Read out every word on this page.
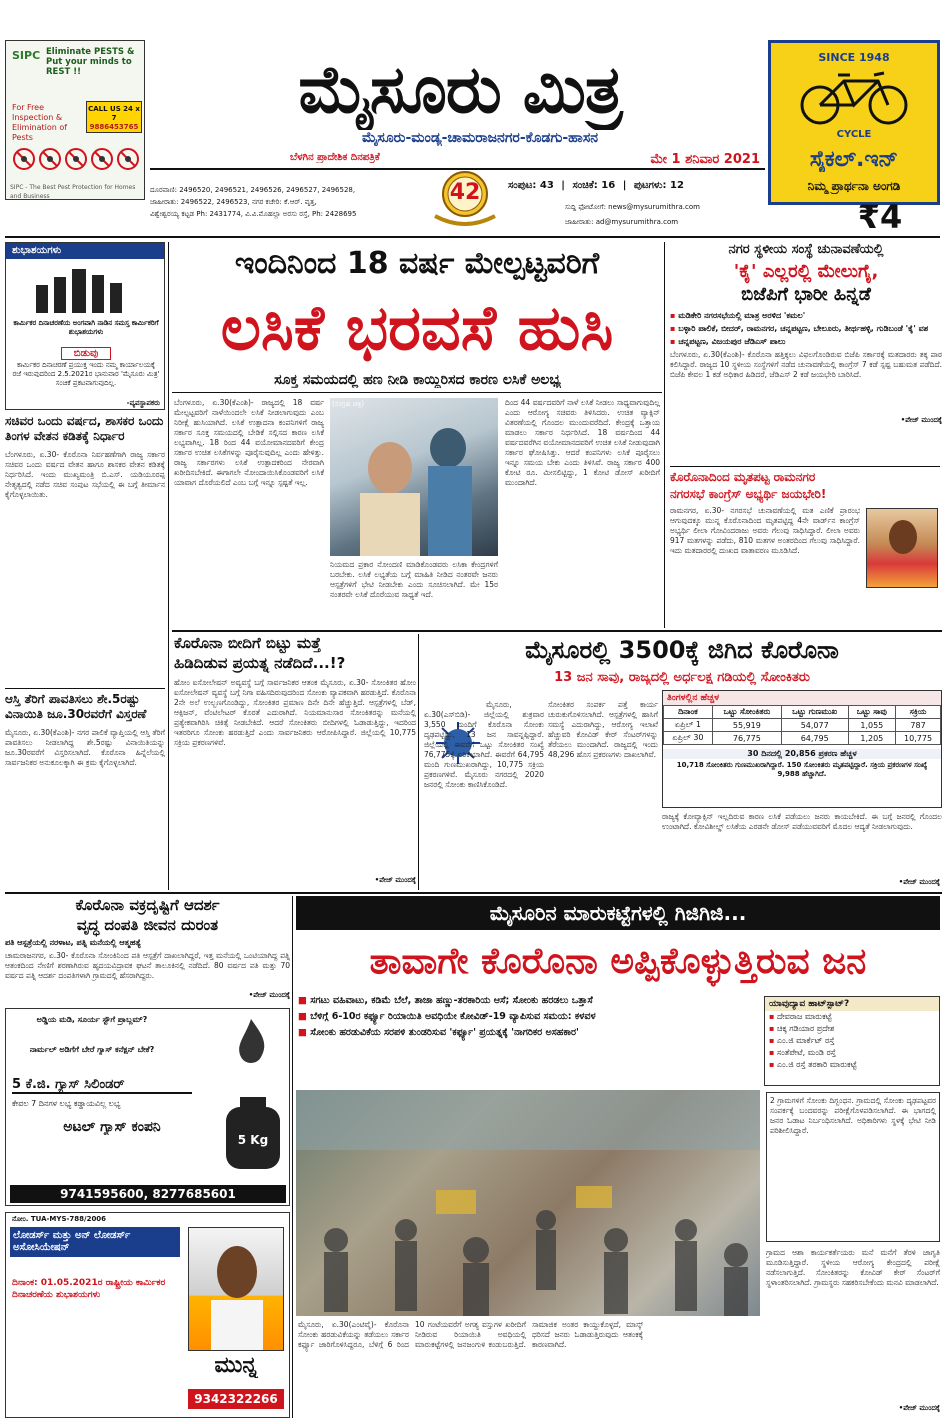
SIPC Eliminate PESTS & Put your minds to REST !!
For Free Inspection & Elimination of Pests
CALL US 24 x 7
9886453765
SIPC - The Best Pest Protection for Homes and Business
ಮೈಸೂರು ಮಿತ್ರ
ಮೈಸೂರು-ಮಂಡ್ಯ-ಚಾಮರಾಜನಗರ-ಕೊಡಗು-ಹಾಸನ
ಬೆಳಗಿನ ಪ್ರಾದೇಶಿಕ ದಿನಪತ್ರಿಕೆ	ಮೇ 1 ಶನಿವಾರ 2021
42
ದೂರವಾಣಿ: 2496520, 2496521, 2496526, 2496527, 2496528,
ಜಾಹೀರಾತು: 2496522, 2496523, ನಗರ ಕಚೇರಿ: ಕೆ.ಆರ್. ವೃತ್ತ,
ವಿಶ್ವೇಶ್ವರಯ್ಯ ಕಟ್ಟಡ Ph: 2431774, ವಿ.ವಿ.ಮೊಹಲ್ಲಾ ಅರಸು ರಸ್ತೆ, Ph: 2428695
ಸಂಪುಟ: 43 | ಸಂಚಿಕೆ: 16 | ಪುಟಗಳು: 12
ಸುದ್ದಿ ಫೋಟೋಗೆ: news@mysurumithra.com
ಜಾಹೀರಾತು: ad@mysurumithra.com
SINCE 1948
CYCLE
ಸೈಕಲ್.ಇನ್
ನಿಮ್ಮ ಪ್ರಾರ್ಥನಾ ಅಂಗಡಿ
₹4
ಶುಭಾಶಯಗಳು
ಕಾರ್ಮಿಕರ ದಿನಾಚರಣೆಯ ಅಂಗವಾಗಿ ನಾಡಿನ ಸಮಸ್ತ ಕಾರ್ಮಿಕರಿಗೆ ಶುಭಾಶಯಗಳು
ಬಿಡುವು
ಕಾರ್ಮಿಕರ ದಿನಾಚರಣೆ ಪ್ರಯುಕ್ತ ಇಂದು ನಮ್ಮ ಕಾರ್ಯಾಲಯಕ್ಕೆ ರಜೆ ಇರುವುದರಿಂದ 2.5.2021ರ ಭಾನುವಾರ 'ಮೈಸೂರು ಮಿತ್ರ' ಸಂಚಿಕೆ ಪ್ರಕಟವಾಗುವುದಿಲ್ಲ.
-ವ್ಯವಸ್ಥಾಪಕರು
ಸಚಿವರ ಒಂದು ವರ್ಷದ, ಶಾಸಕರ ಒಂದು ತಿಂಗಳ ವೇತನ ಕಡಿತಕ್ಕೆ ನಿರ್ಧಾರ
ಬೆಂಗಳೂರು, ಏ.30- ಕೊರೊನಾ ನಿರ್ವಹಣೆಗಾಗಿ ರಾಜ್ಯ ಸರ್ಕಾರ ಸಚಿವರ ಒಂದು ವರ್ಷದ ವೇತನ ಹಾಗೂ ಶಾಸಕರ ವೇತನ ಕಡಿತಕ್ಕೆ ನಿರ್ಧರಿಸಿದೆ. ಇಂದು ಮುಖ್ಯಮಂತ್ರಿ ಬಿ.ಎಸ್. ಯಡಿಯೂರಪ್ಪ ನೇತೃತ್ವದಲ್ಲಿ ನಡೆದ ಸಚಿವ ಸಂಪುಟ ಸಭೆಯಲ್ಲಿ ಈ ಬಗ್ಗೆ ತೀರ್ಮಾನ ಕೈಗೊಳ್ಳಲಾಯಿತು.
ಆಸ್ತಿ ತೆರಿಗೆ ಪಾವತಿಸಲು ಶೇ.5ರಷ್ಟು ವಿನಾಯಿತಿ ಜೂ.30ರವರೆಗೆ ವಿಸ್ತರಣೆ
ಮೈಸೂರು, ಏ.30(ಕೆಎಂಶಿ)- ನಗರ ಪಾಲಿಕೆ ವ್ಯಾಪ್ತಿಯಲ್ಲಿ ಆಸ್ತಿ ತೆರಿಗೆ ಪಾವತಿಸಲು ನೀಡಲಾಗಿದ್ದ ಶೇ.5ರಷ್ಟು ವಿನಾಯಿತಿಯನ್ನು ಜೂ.30ರವರೆಗೆ ವಿಸ್ತರಿಸಲಾಗಿದೆ. ಕೊರೊನಾ ಹಿನ್ನೆಲೆಯಲ್ಲಿ ಸಾರ್ವಜನಿಕರ ಅನುಕೂಲಕ್ಕಾಗಿ ಈ ಕ್ರಮ ಕೈಗೊಳ್ಳಲಾಗಿದೆ.
ಇಂದಿನಿಂದ 18 ವರ್ಷ ಮೇಲ್ಪಟ್ಟವರಿಗೆ
ಲಸಿಕೆ ಭರವಸೆ ಹುಸಿ
ಸೂಕ್ತ ಸಮಯದಲ್ಲಿ ಹಣ ನೀಡಿ ಕಾಯ್ದಿರಿಸದ ಕಾರಣ ಲಸಿಕೆ ಅಲಭ್ಯ
ಬೆಂಗಳೂರು, ಏ.30(ಕೆಎಂಶಿ)- ರಾಜ್ಯದಲ್ಲಿ 18 ವರ್ಷ ಮೇಲ್ಪಟ್ಟವರಿಗೆ ನಾಳೆಯಿಂದಲೇ ಲಸಿಕೆ ನೀಡಲಾಗುವುದು ಎಂಬ ನಿರೀಕ್ಷೆ ಹುಸಿಯಾಗಿದೆ. ಲಸಿಕೆ ಉತ್ಪಾದನಾ ಕಂಪನಿಗಳಿಗೆ ರಾಜ್ಯ ಸರ್ಕಾರ ಸೂಕ್ತ ಸಮಯದಲ್ಲಿ ಬೇಡಿಕೆ ಸಲ್ಲಿಸದ ಕಾರಣ ಲಸಿಕೆ ಲಭ್ಯವಾಗಿಲ್ಲ. 18 ರಿಂದ 44 ವಯೋಮಾನದವರಿಗೆ ಕೇಂದ್ರ ಸರ್ಕಾರ ಉಚಿತ ಲಸಿಕೆಗಳನ್ನು ಪೂರೈಸುವುದಿಲ್ಲ ಎಂದು ಹೇಳಿತ್ತು. ರಾಜ್ಯ ಸರ್ಕಾರಗಳು ಲಸಿಕೆ ಉತ್ಪಾದಕರಿಂದ ನೇರವಾಗಿ ಖರೀದಿಸಬೇಕಿದೆ. ಈಗಾಗಲೇ ನೋಂದಾಯಿಸಿಕೊಂಡವರಿಗೆ ಲಸಿಕೆ ಯಾವಾಗ ದೊರೆಯಲಿದೆ ಎಂಬ ಬಗ್ಗೆ ಇನ್ನೂ ಸ್ಪಷ್ಟತೆ ಇಲ್ಲ.
(ಸಂಗ್ರಹ ಚಿತ್ರ)	ದಿಂದ 44 ವರ್ಷದವರಿಗೆ ನಾಳೆ ಲಸಿಕೆ ನೀಡಲು ಸಾಧ್ಯವಾಗುವುದಿಲ್ಲ ಎಂದು ಆರೋಗ್ಯ ಸಚಿವರು ತಿಳಿಸಿದರು. ಉಚಿತ ವ್ಯಾಕ್ಸಿನ್ ವಿತರಣೆಯಲ್ಲಿ ಗೊಂದಲ ಮುಂದುವರೆದಿದೆ. ಕೇಂದ್ರಕ್ಕೆ ಒತ್ತಾಯ ಮಾಡಲು ಸರ್ಕಾರ ನಿರ್ಧರಿಸಿದೆ. 18 ವರ್ಷದಿಂದ 44 ವರ್ಷದವರೆಗಿನ ವಯೋಮಾನದವರಿಗೆ ಉಚಿತ ಲಸಿಕೆ ನೀಡುವುದಾಗಿ ಸರ್ಕಾರ ಘೋಷಿಸಿತ್ತು. ಆದರೆ ಕಂಪನಿಗಳು ಲಸಿಕೆ ಪೂರೈಸಲು ಇನ್ನೂ ಸಮಯ ಬೇಕು ಎಂದು ತಿಳಿಸಿವೆ. ರಾಜ್ಯ ಸರ್ಕಾರ 400 ಕೋಟಿ ರೂ. ಮೀಸಲಿಟ್ಟಿದ್ದು, 1 ಕೋಟಿ ಡೋಸ್ ಖರೀದಿಗೆ ಮುಂದಾಗಿದೆ.
ನಿಯಮದ ಪ್ರಕಾರ ನೋಂದಣಿ ಮಾಡಿಕೊಂಡವರು ಲಸಿಕಾ ಕೇಂದ್ರಗಳಿಗೆ ಬರಬೇಕು. ಲಸಿಕೆ ಲಭ್ಯತೆಯ ಬಗ್ಗೆ ಮಾಹಿತಿ ನೀಡಿದ ನಂತರವೇ ಜನರು ಆಸ್ಪತ್ರೆಗಳಿಗೆ ಭೇಟಿ ನೀಡಬೇಕು ಎಂದು ಸೂಚಿಸಲಾಗಿದೆ. ಮೇ 15ರ ನಂತರವೇ ಲಸಿಕೆ ದೊರೆಯುವ ಸಾಧ್ಯತೆ ಇದೆ.
ನಗರ ಸ್ಥಳೀಯ ಸಂಸ್ಥೆ ಚುನಾವಣೆಯಲ್ಲಿ
'ಕೈ' ಎಲ್ಲರಲ್ಲಿ ಮೇಲುಗೈ,
ಬಿಜೆಪಿಗೆ ಭಾರೀ ಹಿನ್ನಡೆ
▪ ಮಡಿಕೇರಿ ನಗರಸಭೆಯಲ್ಲಿ ಮಾತ್ರ ಅರಳಿದ 'ಕಮಲ'
▪ ಬಳ್ಳಾರಿ ಪಾಲಿಕೆ, ಬೀದರ್, ರಾಮನಗರ, ಚನ್ನಪಟ್ಟಣ, ಬೇಲೂರು, ತೀರ್ಥಹಳ್ಳಿ, ಗುಡಿಬಂಡೆ 'ಕೈ' ವಶ
▪ ಚನ್ನಪಟ್ಟಣ, ವಿಜಯಪುರ ಜೆಡಿಎಸ್ ಪಾಲು
ಬೆಂಗಳೂರು, ಏ.30(ಕೆಎಂಶಿ)- ಕೊರೊನಾ ಹತ್ತಿಕ್ಕಲು ವಿಫಲಗೊಂಡಿರುವ ಬಿಜೆಪಿ ಸರ್ಕಾರಕ್ಕೆ ಮತದಾರರು ತಕ್ಕ ಪಾಠ ಕಲಿಸಿದ್ದಾರೆ. ರಾಜ್ಯದ 10 ಸ್ಥಳೀಯ ಸಂಸ್ಥೆಗಳಿಗೆ ನಡೆದ ಚುನಾವಣೆಯಲ್ಲಿ ಕಾಂಗ್ರೆಸ್ 7 ಕಡೆ ಸ್ಪಷ್ಟ ಬಹುಮತ ಪಡೆದಿದೆ. ಬಿಜೆಪಿ ಕೇವಲ 1 ಕಡೆ ಅಧಿಕಾರ ಹಿಡಿದರೆ, ಜೆಡಿಎಸ್ 2 ಕಡೆ ಜಯಭೇರಿ ಬಾರಿಸಿದೆ.
•ಪೇಜ್ ಮುಂದಕ್ಕೆ
ಕೊರೊನಾದಿಂದ ಮೃತಪಟ್ಟ ರಾಮನಗರ
ನಗರಸಭೆ ಕಾಂಗ್ರೆಸ್ ಅಭ್ಯರ್ಥಿ ಜಯಭೇರಿ!
ರಾಮನಗರ, ಏ.30- ನಗರಸಭೆ ಚುನಾವಣೆಯಲ್ಲಿ ಮತ ಎಣಿಕೆ ಪ್ರಾರಂಭ ಆಗುವುದಕ್ಕೂ ಮುನ್ನ ಕೊರೊನಾದಿಂದ ಮೃತಪಟ್ಟಿದ್ದ 4ನೇ ವಾರ್ಡ್‌ನ ಕಾಂಗ್ರೆಸ್ ಅಭ್ಯರ್ಥಿ ಲೀಲಾ ಗೋವಿಂದರಾಜು ಅವರು ಗೆಲುವು ಸಾಧಿಸಿದ್ದಾರೆ. ಲೀಲಾ ಅವರು 917 ಮತಗಳನ್ನು ಪಡೆದು, 810 ಮತಗಳ ಅಂತರದಿಂದ ಗೆಲುವು ಸಾಧಿಸಿದ್ದಾರೆ. ಇದು ಮತದಾರರಲ್ಲಿ ದುಃಖದ ವಾತಾವರಣ ಮೂಡಿಸಿದೆ.
ಕೊರೊನಾ ಬೀದಿಗೆ ಬಿಟ್ಟು ಮತ್ತೆ
ಹಿಡಿದಿಡುವ ಪ್ರಯತ್ನ ನಡೆದಿದೆ...!?
ಹೋಂ ಐಸೋಲೇಷನ್ ಅವ್ಯವಸ್ಥೆ ಬಗ್ಗೆ ಸಾರ್ವಜನಿಕರ ಆತಂಕ ಮೈಸೂರು, ಏ.30- ಸೋಂಕಿತರ ಹೋಂ ಐಸೋಲೇಷನ್ ವ್ಯವಸ್ಥೆ ಬಗ್ಗೆ ನಿಗಾ ವಹಿಸದಿರುವುದರಿಂದ ಸೋಂಕು ವ್ಯಾಪಕವಾಗಿ ಹರಡುತ್ತಿದೆ. ಕೊರೊನಾ 2ನೇ ಅಲೆ ಉಲ್ಬಣಗೊಂಡಿದ್ದು, ಸೋಂಕಿತರ ಪ್ರಮಾಣ ದಿನೇ ದಿನೇ ಹೆಚ್ಚುತ್ತಿದೆ. ಆಸ್ಪತ್ರೆಗಳಲ್ಲಿ ಬೆಡ್, ಆಕ್ಸಿಜನ್, ವೆಂಟಿಲೇಟರ್ ಕೊರತೆ ಎದುರಾಗಿದೆ. ನಿಯಮಾನುಸಾರ ಸೋಂಕಿತರನ್ನು ಮನೆಯಲ್ಲಿ ಪ್ರತ್ಯೇಕವಾಗಿರಿಸಿ ಚಿಕಿತ್ಸೆ ನೀಡಬೇಕಿದೆ. ಆದರೆ ಸೋಂಕಿತರು ಬೀದಿಗಳಲ್ಲಿ ಓಡಾಡುತ್ತಿದ್ದು, ಇದರಿಂದ ಇತರರಿಗೂ ಸೋಂಕು ಹರಡುತ್ತಿದೆ ಎಂದು ಸಾರ್ವಜನಿಕರು ಆರೋಪಿಸಿದ್ದಾರೆ. ಜಿಲ್ಲೆಯಲ್ಲಿ 10,775 ಸಕ್ರಿಯ ಪ್ರಕರಣಗಳಿವೆ.
•ಪೇಜ್ ಮುಂದಕ್ಕೆ
ಮೈಸೂರಲ್ಲಿ 3500ಕ್ಕೆ ಜಿಗಿದ ಕೊರೊನಾ
13 ಜನ ಸಾವು, ರಾಜ್ಯದಲ್ಲಿ ಅರ್ಧಲಕ್ಷ ಗಡಿಯಲ್ಲಿ ಸೋಂಕಿತರು
ಮೈಸೂರು, ಏ.30(ಎಸ್‌ಬಿಡಿ)- ಜಿಲ್ಲೆಯಲ್ಲಿ ಶುಕ್ರವಾರ 3,550 ಮಂದಿಗೆ ಕೊರೊನಾ ಸೋಂಕು ದೃಢಪಟ್ಟಿದ್ದು, 13 ಜನ ಸಾವನ್ನಪ್ಪಿದ್ದಾರೆ. ಜಿಲ್ಲೆಯಲ್ಲಿ ಈವರೆಗೆ ಒಟ್ಟು ಸೋಂಕಿತರ ಸಂಖ್ಯೆ 76,775ಕ್ಕೆ ಏರಿಕೆಯಾಗಿದೆ. ಈವರೆಗೆ 64,795 ಮಂದಿ ಗುಣಮುಖರಾಗಿದ್ದು, 10,775 ಸಕ್ರಿಯ ಪ್ರಕರಣಗಳಿವೆ. ಮೈಸೂರು ನಗರದಲ್ಲಿ 2020 ಜನರಲ್ಲಿ ಸೋಂಕು ಕಾಣಿಸಿಕೊಂಡಿದೆ.
ಸೋಂಕಿತರ ಸಂಪರ್ಕ ಪತ್ತೆ ಕಾರ್ಯ ಚುರುಕುಗೊಳಿಸಲಾಗಿದೆ. ಆಸ್ಪತ್ರೆಗಳಲ್ಲಿ ಹಾಸಿಗೆ ಸಮಸ್ಯೆ ಎದುರಾಗಿದ್ದು, ಆರೋಗ್ಯ ಇಲಾಖೆ ಹೆಚ್ಚುವರಿ ಕೋವಿಡ್ ಕೇರ್ ಸೆಂಟರ್‌ಗಳನ್ನು ತೆರೆಯಲು ಮುಂದಾಗಿದೆ. ರಾಜ್ಯದಲ್ಲಿ ಇಂದು 48,296 ಹೊಸ ಪ್ರಕರಣಗಳು ದಾಖಲಾಗಿವೆ.
ತಿಂಗಳಲ್ಲಿನ ಹೆಚ್ಚಳ
ದಿನಾಂಕ	ಒಟ್ಟು ಸೋಂಕಿತರು	ಒಟ್ಟು ಗುಣಮುಖ	ಒಟ್ಟು ಸಾವು	ಸಕ್ರಿಯ
ಏಪ್ರಿಲ್ 1	55,919	54,077	1,055	787
ಏಪ್ರಿಲ್ 30	76,775	64,795	1,205	10,775
30 ದಿನದಲ್ಲಿ 20,856 ಪ್ರಕರಣ ಹೆಚ್ಚಳ
10,718 ಸೋಂಕಿತರು ಗುಣಮುಖರಾಗಿದ್ದಾರೆ. 150 ಸೋಂಕಿತರು ಮೃತಪಟ್ಟಿದ್ದಾರೆ. ಸಕ್ರಿಯ ಪ್ರಕರಣಗಳ ಸಂಖ್ಯೆ 9,988 ಹೆಚ್ಚಾಗಿದೆ.
ರಾಜ್ಯಕ್ಕೆ ಕೋವ್ಯಾಕ್ಸಿನ್ ಇಲ್ಲದಿರುವ ಕಾರಣ ಲಸಿಕೆ ಪಡೆಯಲು ಜನರು ಕಾಯಬೇಕಿದೆ. ಈ ಬಗ್ಗೆ ಜನರಲ್ಲಿ ಗೊಂದಲ ಉಂಟಾಗಿದೆ. ಕೋವಿಶೀಲ್ಡ್ ಲಸಿಕೆಯ ಎರಡನೇ ಡೋಸ್ ಪಡೆಯುವವರಿಗೆ ಮೊದಲ ಆದ್ಯತೆ ನೀಡಲಾಗುವುದು.
•ಪೇಜ್ ಮುಂದಕ್ಕೆ
ಕೊರೊನಾ ವಕ್ರದೃಷ್ಟಿಗೆ ಆದರ್ಶ
ವೃದ್ಧ ದಂಪತಿ ಜೀವನ ದುರಂತ
ಪತಿ ಆಸ್ಪತ್ರೆಯಲ್ಲಿ ನರಳಾಟ, ಪತ್ನಿ ಮನೆಯಲ್ಲಿ ಆತ್ಮಹತ್ಯೆ
ಚಾಮರಾಜನಗರ, ಏ.30- ಕೊರೊನಾ ಸೋಂಕಿನಿಂದ ಪತಿ ಆಸ್ಪತ್ರೆಗೆ ದಾಖಲಾಗಿದ್ದರೆ, ಇತ್ತ ಮನೆಯಲ್ಲಿ ಒಂಟಿಯಾಗಿದ್ದ ಪತ್ನಿ ಆತಂಕದಿಂದ ನೇಣಿಗೆ ಶರಣಾಗಿರುವ ಹೃದಯವಿದ್ರಾವಕ ಘಟನೆ ತಾಲೂಕಿನಲ್ಲಿ ನಡೆದಿದೆ. 80 ವರ್ಷದ ಪತಿ ಮತ್ತು 70 ವರ್ಷದ ಪತ್ನಿ ಆದರ್ಶ ದಂಪತಿಗಳಾಗಿ ಗ್ರಾಮದಲ್ಲಿ ಹೆಸರಾಗಿದ್ದರು.
•ಪೇಜ್ ಮುಂದಕ್ಕೆ
ಅಡ್ಡಿಯ ಮಡಿ, ಸೂರ್ಯ ಸ್ಟೌಗೆ ಪ್ರಾಬ್ಲಮ್?
ನಾರ್ಮಲ್ ಅಡಿಗೆಗೆ ಬೇರೆ ಗ್ಯಾಸ್ ಕನೆಕ್ಷನ್ ಬೇಕೆ?
5 ಕೆ.ಜಿ. ಗ್ಯಾಸ್ ಸಿಲಿಂಡರ್
ಕೇವಲ 7 ದಿನಗಳ ಲಭ್ಯ ಕಡ್ಡಾಯವಿಲ್ಲ ಲಭ್ಯ
ಅಟಲ್ ಗ್ಯಾಸ್ ಕಂಪನಿ
5 Kg
9741595600, 8277685601
ನೋಂ. TUA-MYS-788/2006
ಲೋಡರ್ಸ್ ಮತ್ತು ಅನ್ ಲೋಡರ್ಸ್ ಅಸೋಸಿಯೇಷನ್
ದಿನಾಂಕ: 01.05.2021ರ ರಾಷ್ಟ್ರೀಯ ಕಾರ್ಮಿಕರ ದಿನಾಚರಣೆಯ ಶುಭಾಶಯಗಳು
ಮುನ್ನ
9342322266
ಮೈಸೂರಿನ ಮಾರುಕಟ್ಟೆಗಳಲ್ಲಿ ಗಿಜಿಗಿಜಿ...
ತಾವಾಗೇ ಕೊರೊನಾ ಅಪ್ಪಿಕೊಳ್ಳುತ್ತಿರುವ ಜನ
■ ಸಗಟು ವಹಿವಾಟು, ಕಡಿಮೆ ಬೆಲೆ, ತಾಜಾ ಹಣ್ಣು-ತರಕಾರಿಯ ಆಸೆ; ಸೋಂಕು ಹರಡಲು ಒತ್ತಾಸೆ
■ ಬೆಳಿಗ್ಗೆ 6-10ರ ಕರ್ಫ್ಯೂ ರಿಯಾಯಿತಿ ಅವಧಿಯೇ ಕೋವಿಡ್-19 ವ್ಯಾಪಿಸುವ ಸಮಯ: ಕಳವಳ
■ ಸೋಂಕು ಹರಡುವಿಕೆಯ ಸರಪಳಿ ತುಂಡರಿಸುವ 'ಕರ್ಫ್ಯೂ' ಪ್ರಯತ್ನಕ್ಕೆ 'ನಾಗರಿಕರ ಅಸಹಕಾರ'
ಯಾವುದ್ಯಾವ ಹಾಟ್‌ಸ್ಪಾಟ್?
▪ ದೇವರಾಜ ಮಾರುಕಟ್ಟೆ
▪ ಚಿಕ್ಕ ಗಡಿಯಾರ ಪ್ರದೇಶ
▪ ಎಂ.ಜಿ ಮಾರ್ಕೆಟ್ ರಸ್ತೆ
▪ ಸಂತೆಪೇಟೆ, ಮಂಡಿ ರಸ್ತೆ
▪ ಎಂ.ಜಿ ರಸ್ತೆ ತರಕಾರಿ ಮಾರುಕಟ್ಟೆ
2 ಗ್ರಾಮಗಳಿಗೆ ಸೋಂಕು ದಿಗ್ಬಂಧನ. ಗ್ರಾಮದಲ್ಲಿ ಸೋಂಕು ದೃಢಪಟ್ಟವರ ಸಂಪರ್ಕಕ್ಕೆ ಬಂದವರನ್ನು ಪರೀಕ್ಷೆಗೊಳಪಡಿಸಲಾಗಿದೆ. ಈ ಭಾಗದಲ್ಲಿ ಜನರ ಓಡಾಟ ನಿರ್ಬಂಧಿಸಲಾಗಿದೆ. ಅಧಿಕಾರಿಗಳು ಸ್ಥಳಕ್ಕೆ ಭೇಟಿ ನೀಡಿ ಪರಿಶೀಲಿಸಿದ್ದಾರೆ.
ಗ್ರಾಮದ ಆಶಾ ಕಾರ್ಯಕರ್ತೆಯರು ಮನೆ ಮನೆಗೆ ತೆರಳಿ ಜಾಗೃತಿ ಮೂಡಿಸುತ್ತಿದ್ದಾರೆ. ಸ್ಥಳೀಯ ಆರೋಗ್ಯ ಕೇಂದ್ರದಲ್ಲಿ ಪರೀಕ್ಷೆ ನಡೆಸಲಾಗುತ್ತಿದೆ. ಸೋಂಕಿತರನ್ನು ಕೋವಿಡ್ ಕೇರ್ ಸೆಂಟರ್‌ಗೆ ಸ್ಥಳಾಂತರಿಸಲಾಗಿದೆ. ಗ್ರಾಮಸ್ಥರು ಸಹಕರಿಸಬೇಕೆಂದು ಮನವಿ ಮಾಡಲಾಗಿದೆ.
ಮೈಸೂರು, ಏ.30(ಎಂಟಿವೈ)- ಕೊರೊನಾ ಸೋಂಕು ಹರಡುವಿಕೆಯನ್ನು ತಡೆಯಲು ಸರ್ಕಾರ ಕರ್ಫ್ಯೂ ಜಾರಿಗೊಳಿಸಿದ್ದರೂ, ಬೆಳಿಗ್ಗೆ 6 ರಿಂದ 10 ಗಂಟೆಯವರೆಗೆ ಅಗತ್ಯ ವಸ್ತುಗಳ ಖರೀದಿಗೆ ನೀಡಿರುವ ರಿಯಾಯಿತಿ ಅವಧಿಯಲ್ಲಿ ಮಾರುಕಟ್ಟೆಗಳಲ್ಲಿ ಜನಜಂಗುಳಿ ಕಂಡುಬರುತ್ತಿದೆ. ಸಾಮಾಜಿಕ ಅಂತರ ಕಾಯ್ದುಕೊಳ್ಳದೆ, ಮಾಸ್ಕ್ ಧರಿಸದೆ ಜನರು ಓಡಾಡುತ್ತಿರುವುದು ಆತಂಕಕ್ಕೆ ಕಾರಣವಾಗಿದೆ.
•ಪೇಜ್ ಮುಂದಕ್ಕೆ
